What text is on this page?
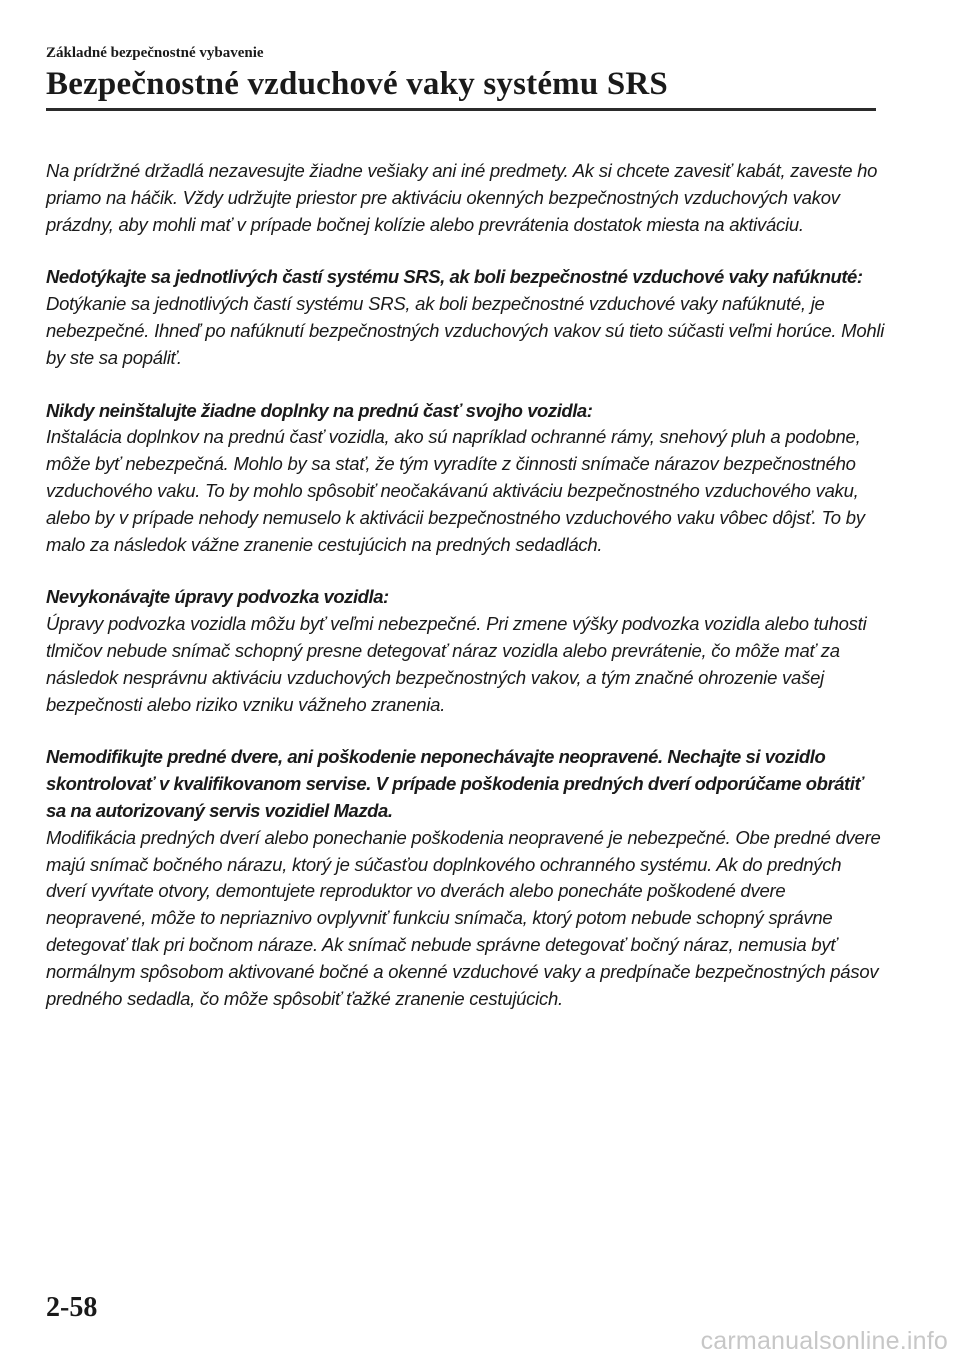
Základné bezpečnostné vybavenie

Bezpečnostné vzduchové vaky systému SRS

Na prídržné držadlá nezavesujte žiadne vešiaky ani iné predmety. Ak si chcete zavesiť kabát, zaveste ho priamo na háčik. Vždy udržujte priestor pre aktiváciu okenných bezpečnostných vzduchových vakov prázdny, aby mohli mať v prípade bočnej kolízie alebo prevrátenia dostatok miesta na aktiváciu.

Nedotýkajte sa jednotlivých častí systému SRS, ak boli bezpečnostné vzduchové vaky nafúknuté:

Dotýkanie sa jednotlivých častí systému SRS, ak boli bezpečnostné vzduchové vaky nafúknuté, je nebezpečné. Ihneď po nafúknutí bezpečnostných vzduchových vakov sú tieto súčasti veľmi horúce. Mohli by ste sa popáliť.

Nikdy neinštalujte žiadne doplnky na prednú časť svojho vozidla:

Inštalácia doplnkov na prednú časť vozidla, ako sú napríklad ochranné rámy, snehový pluh a podobne, môže byť nebezpečná. Mohlo by sa stať, že tým vyradíte z činnosti snímače nárazov bezpečnostného vzduchového vaku. To by mohlo spôsobiť neočakávanú aktiváciu bezpečnostného vzduchového vaku, alebo by v prípade nehody nemuselo k aktivácii bezpečnostného vzduchového vaku vôbec dôjsť. To by malo za následok vážne zranenie cestujúcich na predných sedadlách.

Nevykonávajte úpravy podvozka vozidla:

Úpravy podvozka vozidla môžu byť veľmi nebezpečné. Pri zmene výšky podvozka vozidla alebo tuhosti tlmičov nebude snímač schopný presne detegovať náraz vozidla alebo prevrátenie, čo môže mať za následok nesprávnu aktiváciu vzduchových bezpečnostných vakov, a tým značné ohrozenie vašej bezpečnosti alebo riziko vzniku vážneho zranenia.

Nemodifikujte predné dvere, ani poškodenie neponechávajte neopravené. Nechajte si vozidlo skontrolovať v kvalifikovanom servise. V prípade poškodenia predných dverí odporúčame obrátiť sa na autorizovaný servis vozidiel Mazda.

Modifikácia predných dverí alebo ponechanie poškodenia neopravené je nebezpečné. Obe predné dvere majú snímač bočného nárazu, ktorý je súčasťou doplnkového ochranného systému. Ak do predných dverí vyvŕtate otvory, demontujete reproduktor vo dverách alebo ponecháte poškodené dvere neopravené, môže to nepriaznivo ovplyvniť funkciu snímača, ktorý potom nebude schopný správne detegovať tlak pri bočnom náraze. Ak snímač nebude správne detegovať bočný náraz, nemusia byť normálnym spôsobom aktivované bočné a okenné vzduchové vaky a predpínače bezpečnostných pásov predného sedadla, čo môže spôsobiť ťažké zranenie cestujúcich.

2-58

carmanualsonline.info
